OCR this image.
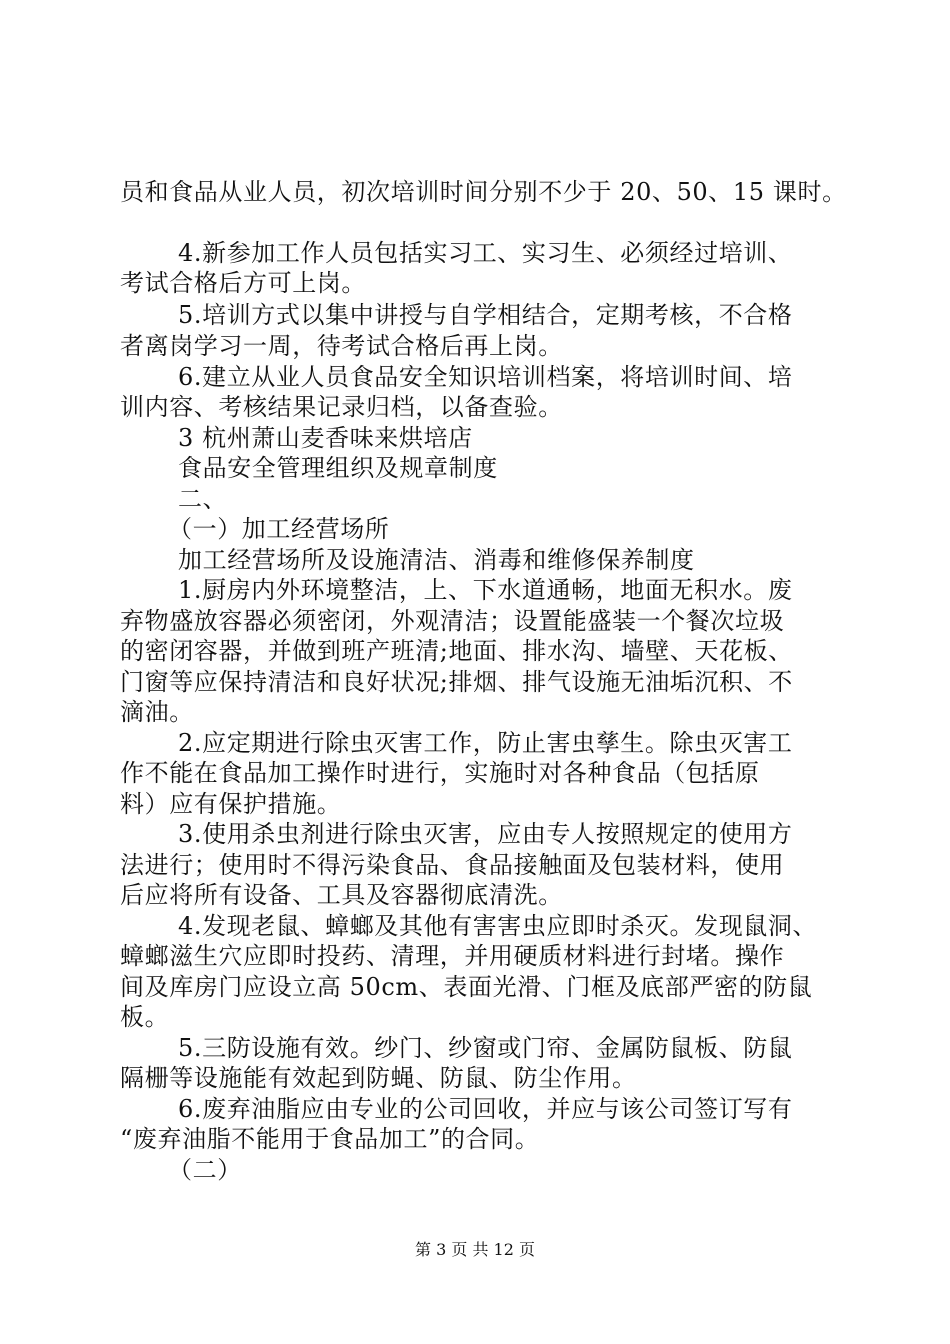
员和食品从业人员，初次培训时间分别不少于 20、50、15 课时。
4.新参加工作人员包括实习工、实习生、必须经过培训、
考试合格后方可上岗。
5.培训方式以集中讲授与自学相结合，定期考核，不合格
者离岗学习一周，待考试合格后再上岗。
6.建立从业人员食品安全知识培训档案，将培训时间、培
训内容、考核结果记录归档，以备查验。
3 杭州萧山麦香味来烘培店
食品安全管理组织及规章制度
二、
（一）加工经营场所
加工经营场所及设施清洁、消毒和维修保养制度
1.厨房内外环境整洁，上、下水道通畅，地面无积水。废
弃物盛放容器必须密闭，外观清洁；设置能盛装一个餐次垃圾
的密闭容器，并做到班产班清;地面、排水沟、墙壁、天花板、
门窗等应保持清洁和良好状况;排烟、排气设施无油垢沉积、不
滴油。
2.应定期进行除虫灭害工作，防止害虫孳生。除虫灭害工
作不能在食品加工操作时进行，实施时对各种食品（包括原
料）应有保护措施。
3.使用杀虫剂进行除虫灭害，应由专人按照规定的使用方
法进行；使用时不得污染食品、食品接触面及包装材料，使用
后应将所有设备、工具及容器彻底清洗。
4.发现老鼠、蟑螂及其他有害害虫应即时杀灭。发现鼠洞、
蟑螂滋生穴应即时投药、清理，并用硬质材料进行封堵。操作
间及库房门应设立高 50cm、表面光滑、门框及底部严密的防鼠
板。
5.三防设施有效。纱门、纱窗或门帘、金属防鼠板、防鼠
隔栅等设施能有效起到防蝇、防鼠、防尘作用。
6.废弃油脂应由专业的公司回收，并应与该公司签订写有
“废弃油脂不能用于食品加工”的合同。
（二）
第 3 页 共 12 页
